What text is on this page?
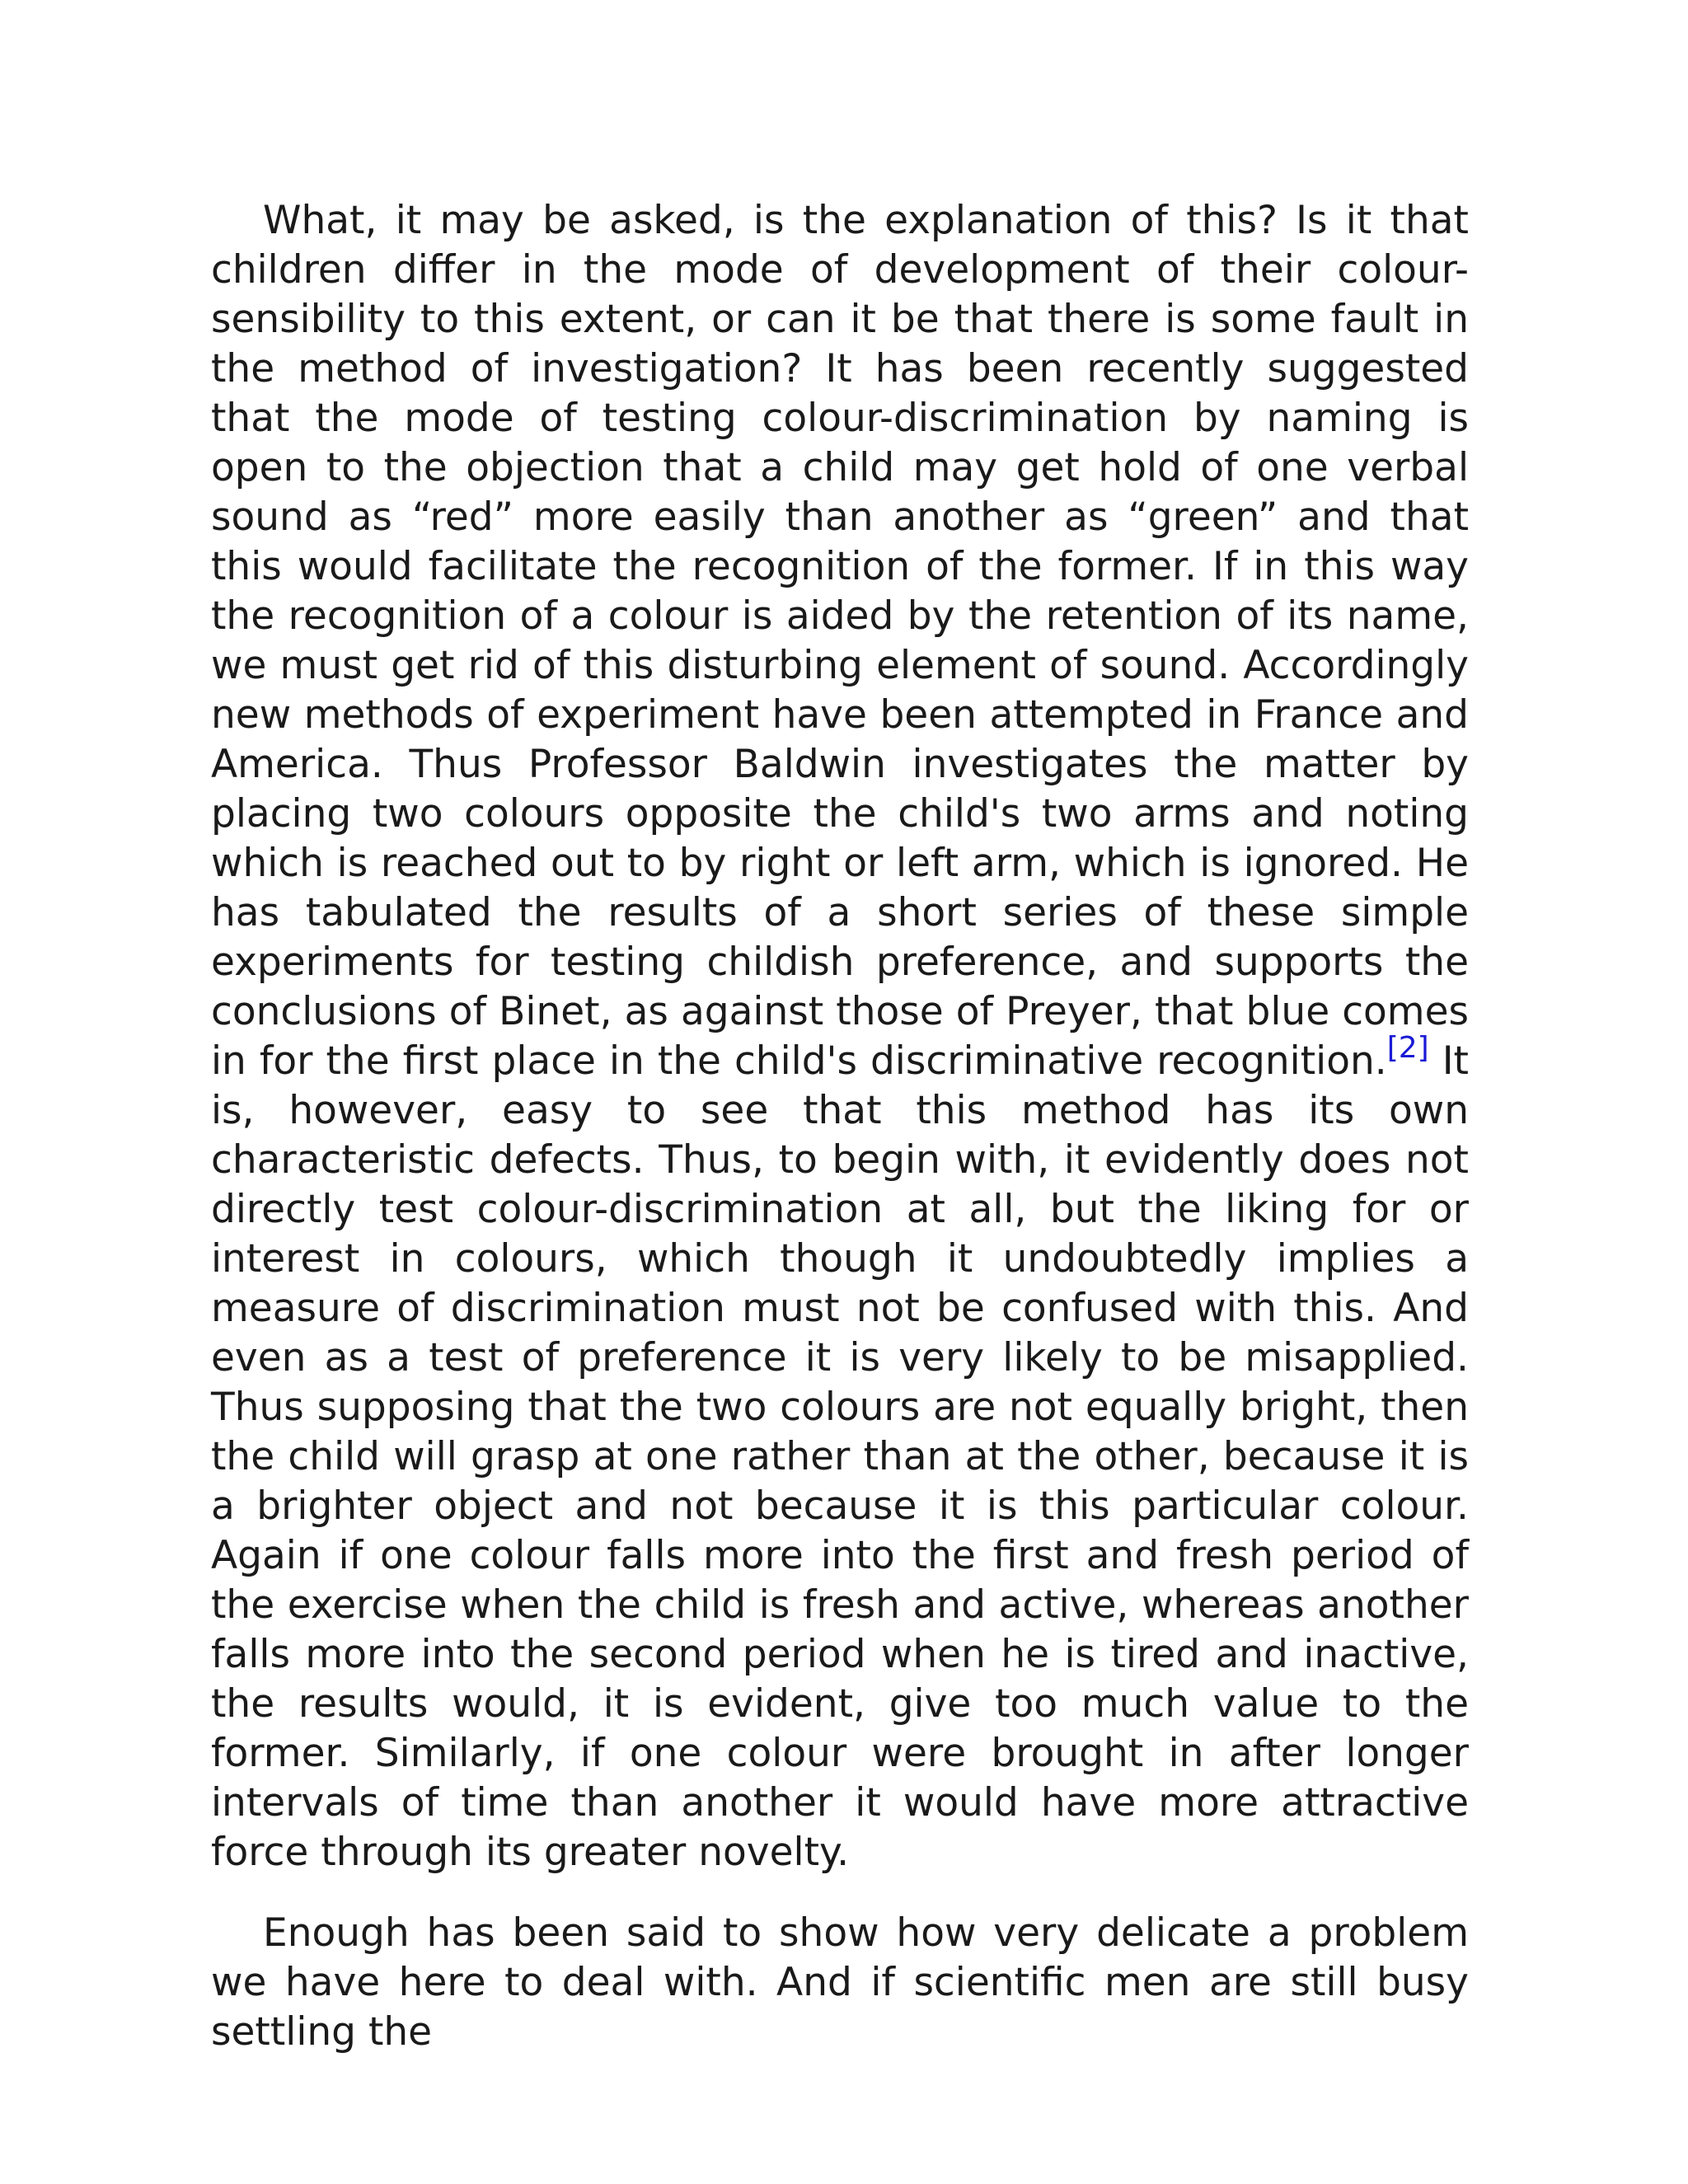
What, it may be asked, is the explanation of this? Is it that children differ in the mode of development of their colour-sensibility to this extent, or can it be that there is some fault in the method of investigation? It has been recently suggested that the mode of testing colour-discrimination by naming is open to the objection that a child may get hold of one verbal sound as “red” more easily than another as “green” and that this would facilitate the recognition of the former. If in this way the recognition of a colour is aided by the retention of its name, we must get rid of this disturbing element of sound. Accordingly new methods of experiment have been attempted in France and America. Thus Professor Baldwin investigates the matter by placing two colours opposite the child's two arms and noting which is reached out to by right or left arm, which is ignored. He has tabulated the results of a short series of these simple experiments for testing childish preference, and supports the conclusions of Binet, as against those of Preyer, that blue comes in for the first place in the child's discriminative recognition.[2] It is, however, easy to see that this method has its own characteristic defects. Thus, to begin with, it evidently does not directly test colour-discrimination at all, but the liking for or interest in colours, which though it undoubtedly implies a measure of discrimination must not be confused with this. And even as a test of preference it is very likely to be misapplied. Thus supposing that the two colours are not equally bright, then the child will grasp at one rather than at the other, because it is a brighter object and not because it is this particular colour. Again if one colour falls more into the first and fresh period of the exercise when the child is fresh and active, whereas another falls more into the second period when he is tired and inactive, the results would, it is evident, give too much value to the former. Similarly, if one colour were brought in after longer intervals of time than another it would have more attractive force through its greater novelty.

Enough has been said to show how very delicate a problem we have here to deal with. And if scientific men are still busy settling the
